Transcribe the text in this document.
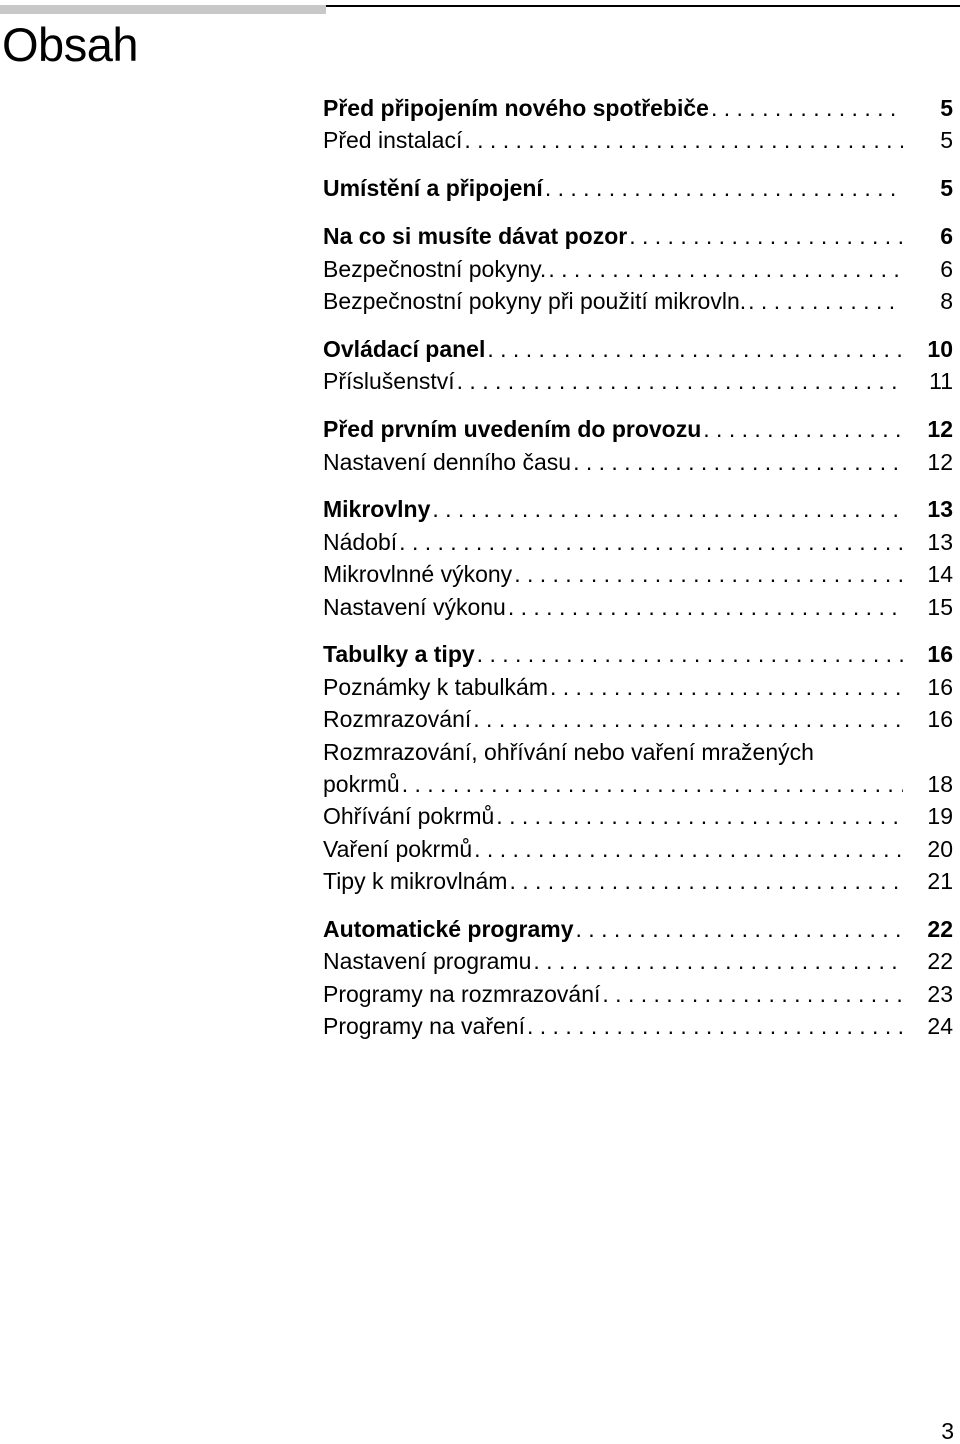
Obsah
Před připojením nového spotřebiče . . .	5
Před instalací . . .	5
Umístění a připojení . . .	5
Na co si musíte dávat pozor . . .	6
Bezpečnostní pokyny. . . .	6
Bezpečnostní pokyny při použití mikrovln. . . .	8
Ovládací panel . . .	10
Příslušenství . . .	11
Před prvním uvedením do provozu . . .	12
Nastavení denního času . . .	12
Mikrovlny . . .	13
Nádobí . . .	13
Mikrovlnné výkony . . .	14
Nastavení výkonu . . .	15
Tabulky a tipy . . .	16
Poznámky k tabulkám . . .	16
Rozmrazování . . .	16
Rozmrazování, ohřívání nebo vaření mražených
pokrmů . . .	18
Ohřívání pokrmů . . .	19
Vaření pokrmů . . .	20
Tipy k mikrovlnám . . .	21
Automatické programy . . .	22
Nastavení programu . . .	22
Programy na rozmrazování . . .	23
Programy na vaření . . .	24
3
